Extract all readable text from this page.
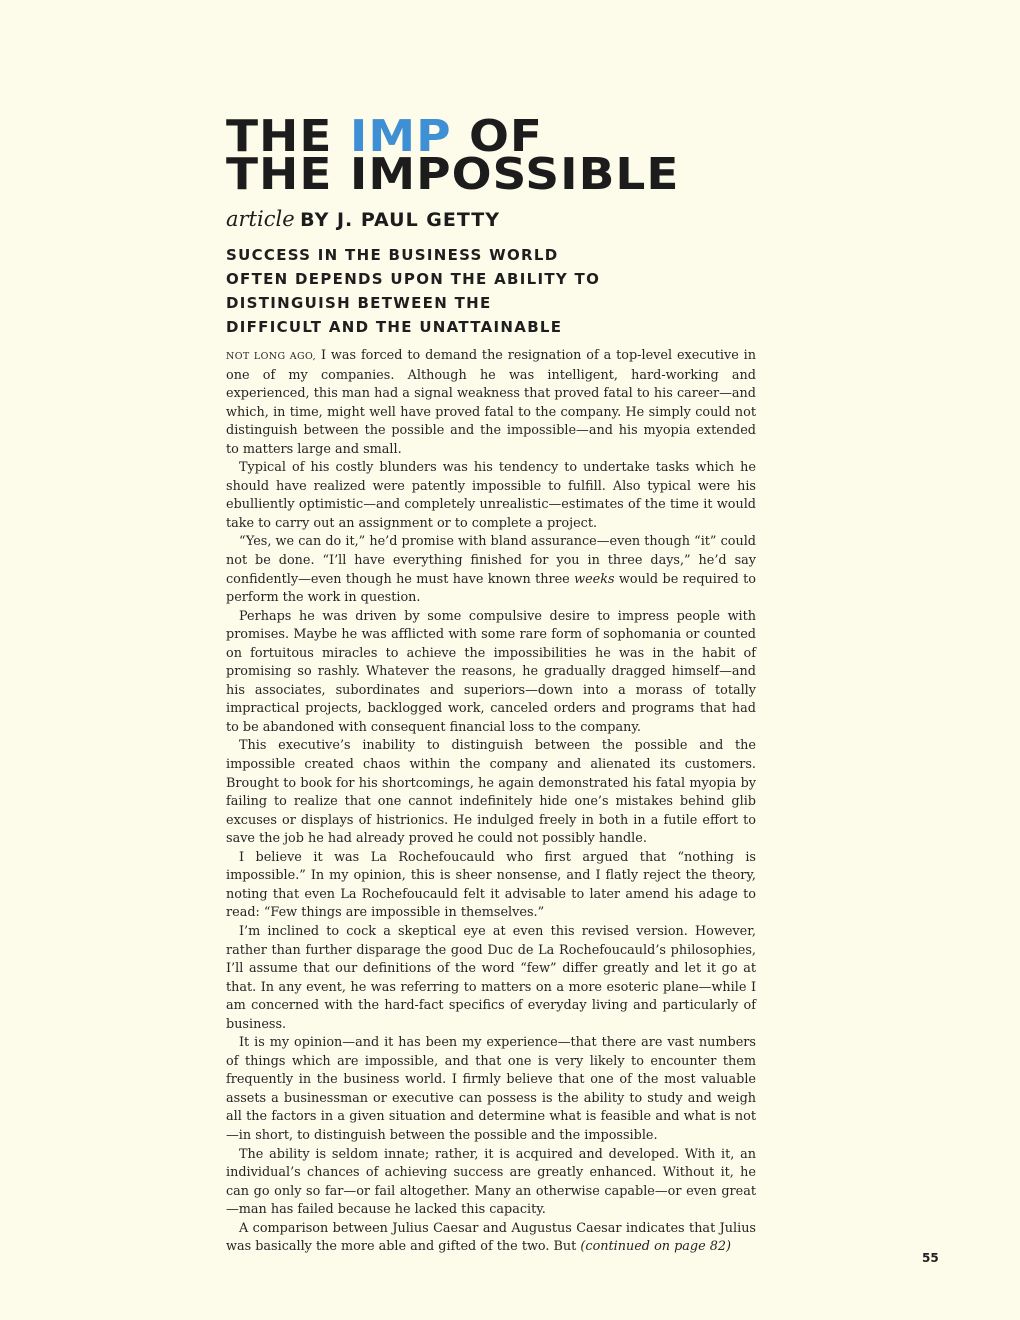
THE IMP OF
THE IMPOSSIBLE
article BY J. PAUL GETTY

SUCCESS IN THE BUSINESS WORLD
OFTEN DEPENDS UPON THE ABILITY TO
DISTINGUISH BETWEEN THE
DIFFICULT AND THE UNATTAINABLE

NOT LONG AGO, I was forced to demand the resignation of a top-level executive in one of my companies. Although he was intelligent, hard-working and experienced, this man had a signal weakness that proved fatal to his career—and which, in time, might well have proved fatal to the company. He simply could not distinguish between the possible and the impossible—and his myopia extended to matters large and small.

Typical of his costly blunders was his tendency to undertake tasks which he should have realized were patently impossible to fulfill. Also typical were his ebulliently optimistic—and completely unrealistic—estimates of the time it would take to carry out an assignment or to complete a project.

“Yes, we can do it,” he’d promise with bland assurance—even though “it” could not be done. “I’ll have everything finished for you in three days,” he’d say confidently—even though he must have known three weeks would be required to perform the work in question.

Perhaps he was driven by some compulsive desire to impress people with promises. Maybe he was afflicted with some rare form of sophomania or counted on fortuitous miracles to achieve the impossibilities he was in the habit of promising so rashly. Whatever the reasons, he gradually dragged himself—and his associates, subordinates and superiors—down into a morass of totally impractical projects, backlogged work, canceled orders and programs that had to be abandoned with consequent financial loss to the company.

This executive’s inability to distinguish between the possible and the impossible created chaos within the company and alienated its customers. Brought to book for his shortcomings, he again demonstrated his fatal myopia by failing to realize that one cannot indefinitely hide one’s mistakes behind glib excuses or displays of histrionics. He indulged freely in both in a futile effort to save the job he had already proved he could not possibly handle.

I believe it was La Rochefoucauld who first argued that “nothing is impossible.” In my opinion, this is sheer nonsense, and I flatly reject the theory, noting that even La Rochefoucauld felt it advisable to later amend his adage to read: “Few things are impossible in themselves.”

I’m inclined to cock a skeptical eye at even this revised version. However, rather than further disparage the good Duc de La Rochefoucauld’s philosophies, I’ll assume that our definitions of the word “few” differ greatly and let it go at that. In any event, he was referring to matters on a more esoteric plane—while I am concerned with the hard-fact specifics of everyday living and particularly of business.

It is my opinion—and it has been my experience—that there are vast numbers of things which are impossible, and that one is very likely to encounter them frequently in the business world. I firmly believe that one of the most valuable assets a businessman or executive can possess is the ability to study and weigh all the factors in a given situation and determine what is feasible and what is not—in short, to distinguish between the possible and the impossible.

The ability is seldom innate; rather, it is acquired and developed. With it, an individual’s chances of achieving success are greatly enhanced. Without it, he can go only so far—or fail altogether. Many an otherwise capable—or even great—man has failed because he lacked this capacity.

A comparison between Julius Caesar and Augustus Caesar indicates that Julius was basically the more able and gifted of the two. But (continued on page 82)

55
